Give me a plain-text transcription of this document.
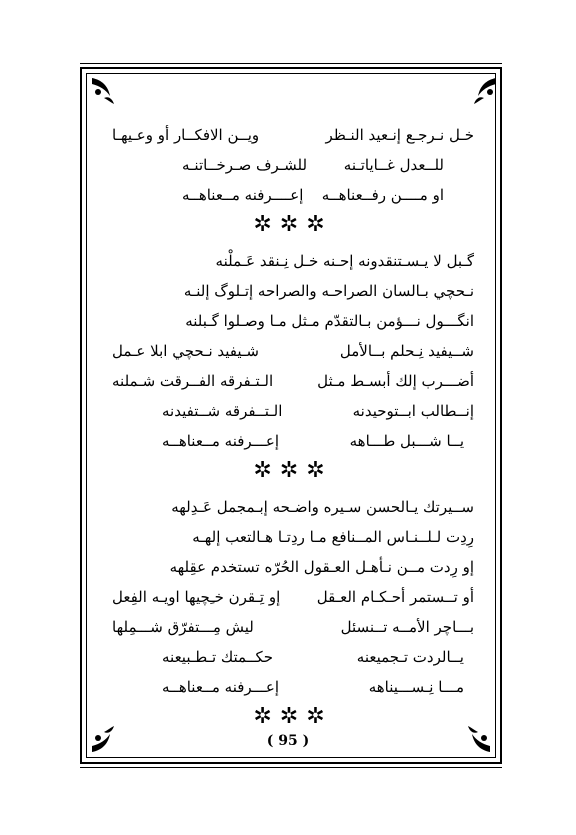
خـل نـرجـع إنـعيد النـظر
ويــن الافكــار أو وعـيهـا
للــعدل غــاياتـنه
للشـرف صـرخــاتنـه
او مــــن رفــعناهــه
إعــــرفنه مــعناهــه
✲✲✲
گـبل لا يـسـتنقدونه إحـنه خـل نِـنقد عَـملْنه
نـحچي بـالسان الصراحـه والصراحه إتـلوگ إلنـه
انگـــول نـــؤمن بـالتقدّم مـثل مـا وصـلوا گـبلنه
شــيفيد نِـحلم بــالأمل
شـيفيد نـحچي ابلا عـمل
أضـــرب إلك أبسـط مـثل
الـتـفرقه الفــرقت شـملنه
إنــطالب ابــتوحيدنه
الـتــفرقه شــتفيدنه
يــا شـــبل طـــاهه
إعـــرفنه مــعناهــه
✲✲✲
ســيرتك يـالحسن سـيره واضـحه إبـمجمل عَـدِلهه
رِدِت لـلــنـاس المــنافع مـا ردِتـا هـالتعب إلهـه
إو رِدت مــن نـأهـل العـقول الحُرّه تستخدم عقِلهه
أو تــستمر أحـكـام العـقل
إو تِـقرن خـِچيها اويـه الفِعل
بـــاچر الأمــه تــنسئل
ليش مِـــتفرّق شـــمِلها
يــالردت تـجميعنه
حكــمتك تـطـبيعنه
مـــا نِـســـيناهه
إعـــرفنه مــعناهــه
✲✲✲
( 95 )
